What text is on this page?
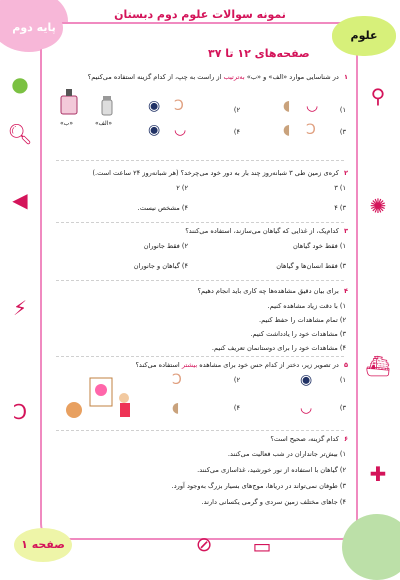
پایه دوم
علوم
نمونه سوالات علوم دوم دبستان
صفحه‌های ۱۲ تا ۳۷
●
🔍︎
◀
⚡︎
Ↄ
⚲
✺
⛴︎
✚
⊘ ▭
۱ در شناسایی موارد «الف» و «ب» به‌ترتیب از راست به چپ، از کدام گزینه استفاده می‌کنیم؟
«ب»	«الف»
۱)
۲)
۳)
۴)
◖ ◡
◉ Ↄ
◖ Ↄ
◉ ◡
۲ کره‌ی زمین طی ۳ شبانه‌روز چند بار به دور خود می‌چرخد؟ (هر شبانه‌روز ۲۴ ساعت است.)
۱) ۳
۲) ۲
۳) ۴
۴) مشخص نیست.
۳ کدام‌یک، از غذایی که گیاهان می‌سازند، استفاده می‌کنند؟
۱) فقط خود گیاهان
۲) فقط جانوران
۳) فقط انسان‌ها و گیاهان
۴) گیاهان و جانوران
۴ برای بیان دقیق مشاهده‌ها چه کاری باید انجام دهیم؟
۱) با دقت زیاد مشاهده کنیم.
۲) تمام مشاهدات را حفظ کنیم.
۳) مشاهدات خود را یادداشت کنیم.
۴) مشاهدات خود را برای دوستانمان تعریف کنیم.
۵ در تصویر زیر، دختر از کدام حس خود برای مشاهده بیشتر استفاده می‌کند؟
۱)
۲)
۳)
۴)
◉
Ↄ
◡
◖
۶ کدام گزینه، صحیح است؟
۱) بیش‌تر جانداران در شب فعالیت می‌کنند.
۲) گیاهان با استفاده از نور خورشید، غذاسازی می‌کنند.
۳) طوفان نمی‌تواند در دریاها، موج‌های بسیار بزرگ به‌وجود آورد.
۴) جاهای مختلف زمین سردی و گرمی یکسانی دارند.
صفحه ۱
